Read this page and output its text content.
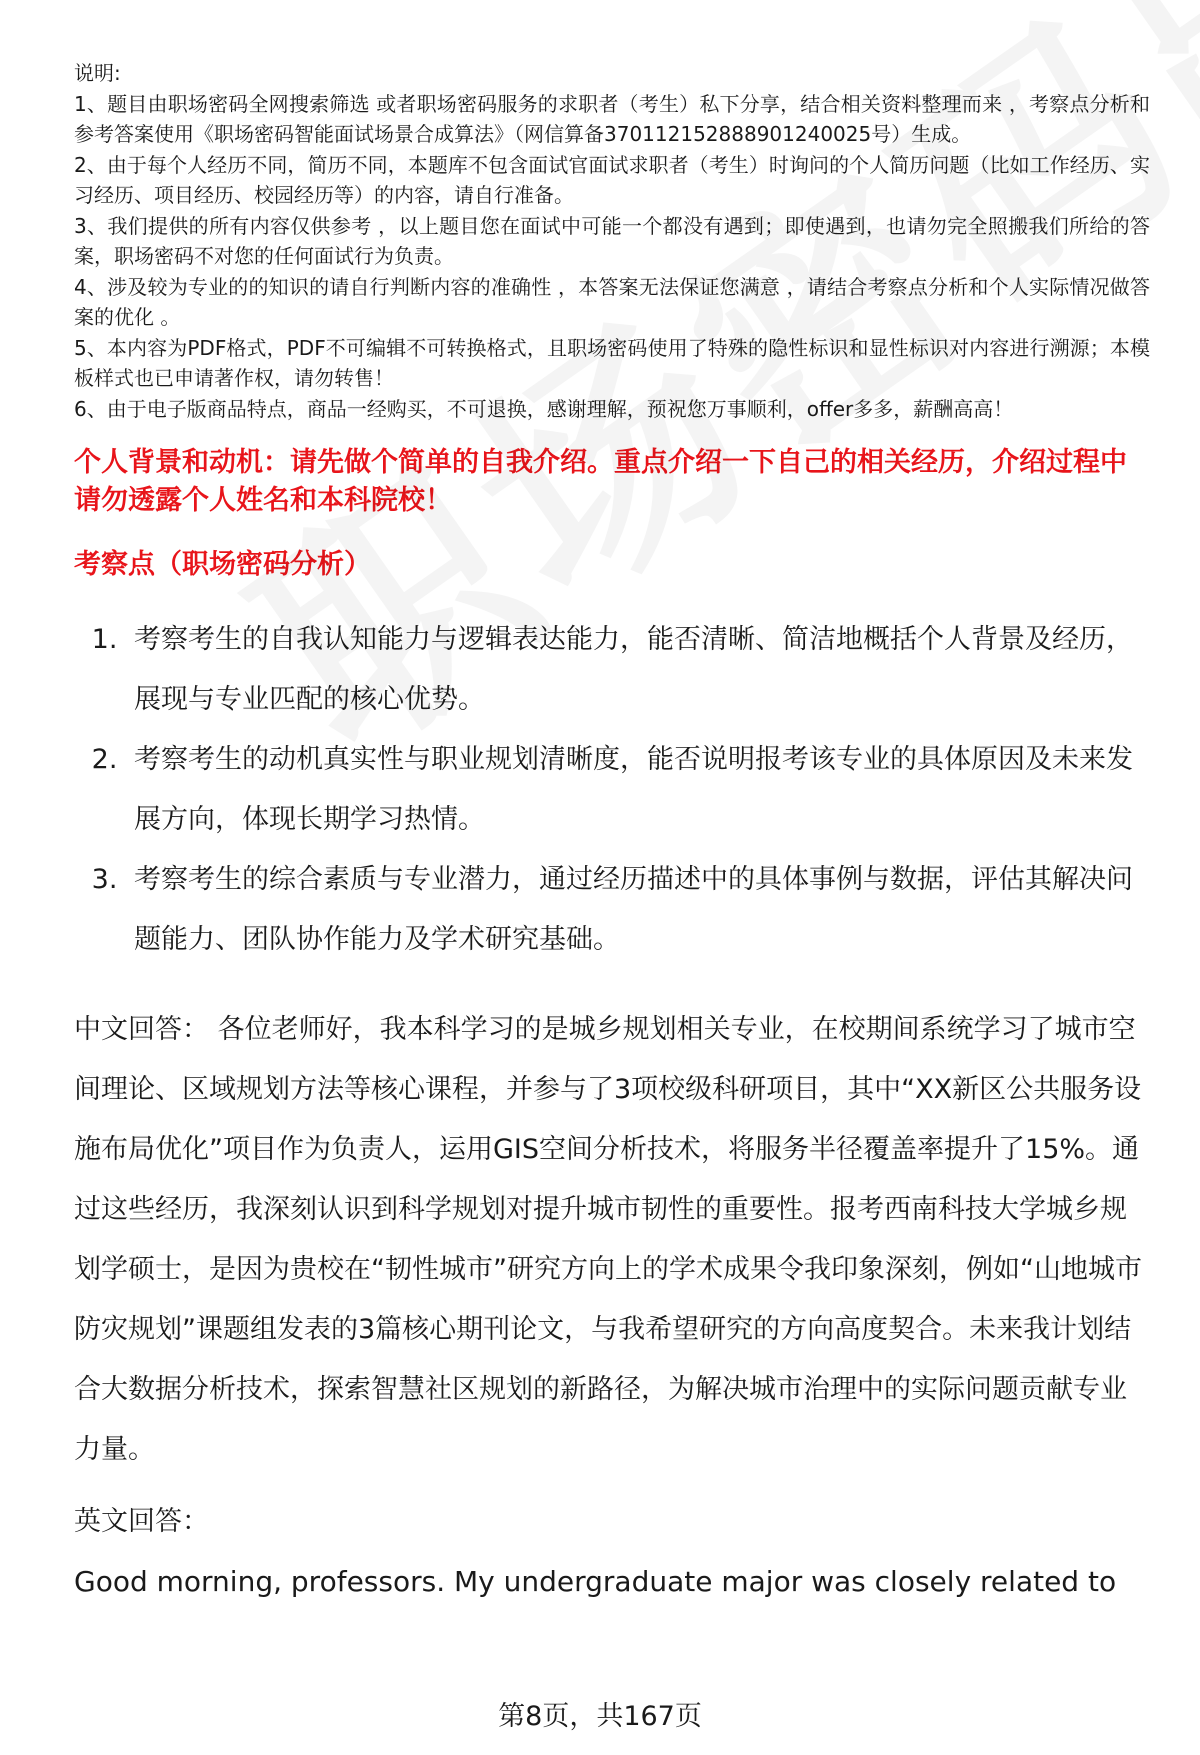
说明:

1、题目由职场密码全网搜索筛选 或者职场密码服务的求职者（考生）私下分享，结合相关资料整理而来 ，考察点分析和参考答案使用《职场密码智能面试场景合成算法》（网信算备370112152888901240025号）生成。

2、由于每个人经历不同，简历不同，本题库不包含面试官面试求职者（考生）时询问的个人简历问题（比如工作经历、实习经历、项目经历、校园经历等）的内容，请自行准备。

3、我们提供的所有内容仅供参考 ，以上题目您在面试中可能一个都没有遇到；即使遇到，也请勿完全照搬我们所给的答案，职场密码不对您的任何面试行为负责。

4、涉及较为专业的的知识的请自行判断内容的准确性 ，本答案无法保证您满意 ，请结合考察点分析和个人实际情况做答案的优化 。

5、本内容为PDF格式，PDF不可编辑不可转换格式，且职场密码使用了特殊的隐性标识和显性标识对内容进行溯源；本模板样式也已申请著作权，请勿转售！

6、由于电子版商品特点，商品一经购买，不可退换，感谢理解，预祝您万事顺利，offer多多，薪酬高高！

个人背景和动机：请先做个简单的自我介绍。重点介绍一下自己的相关经历，介绍过程中请勿透露个人姓名和本科院校！
考察点（职场密码分析）
1. 考察考生的自我认知能力与逻辑表达能力，能否清晰、简洁地概括个人背景及经历，展现与专业匹配的核心优势。
2. 考察考生的动机真实性与职业规划清晰度，能否说明报考该专业的具体原因及未来发展方向，体现长期学习热情。
3. 考察考生的综合素质与专业潜力，通过经历描述中的具体事例与数据，评估其解决问题能力、团队协作能力及学术研究基础。

中文回答： 各位老师好，我本科学习的是城乡规划相关专业，在校期间系统学习了城市空间理论、区域规划方法等核心课程，并参与了3项校级科研项目，其中“XX新区公共服务设施布局优化”项目作为负责人，运用GIS空间分析技术，将服务半径覆盖率提升了15%。通过这些经历，我深刻认识到科学规划对提升城市韧性的重要性。报考西南科技大学城乡规划学硕士，是因为贵校在“韧性城市”研究方向上的学术成果令我印象深刻，例如“山地城市防灾规划”课题组发表的3篇核心期刊论文，与我希望研究的方向高度契合。未来我计划结合大数据分析技术，探索智慧社区规划的新路径，为解决城市治理中的实际问题贡献专业力量。

英文回答：

Good morning, professors. My undergraduate major was closely related to

第8页，共167页
